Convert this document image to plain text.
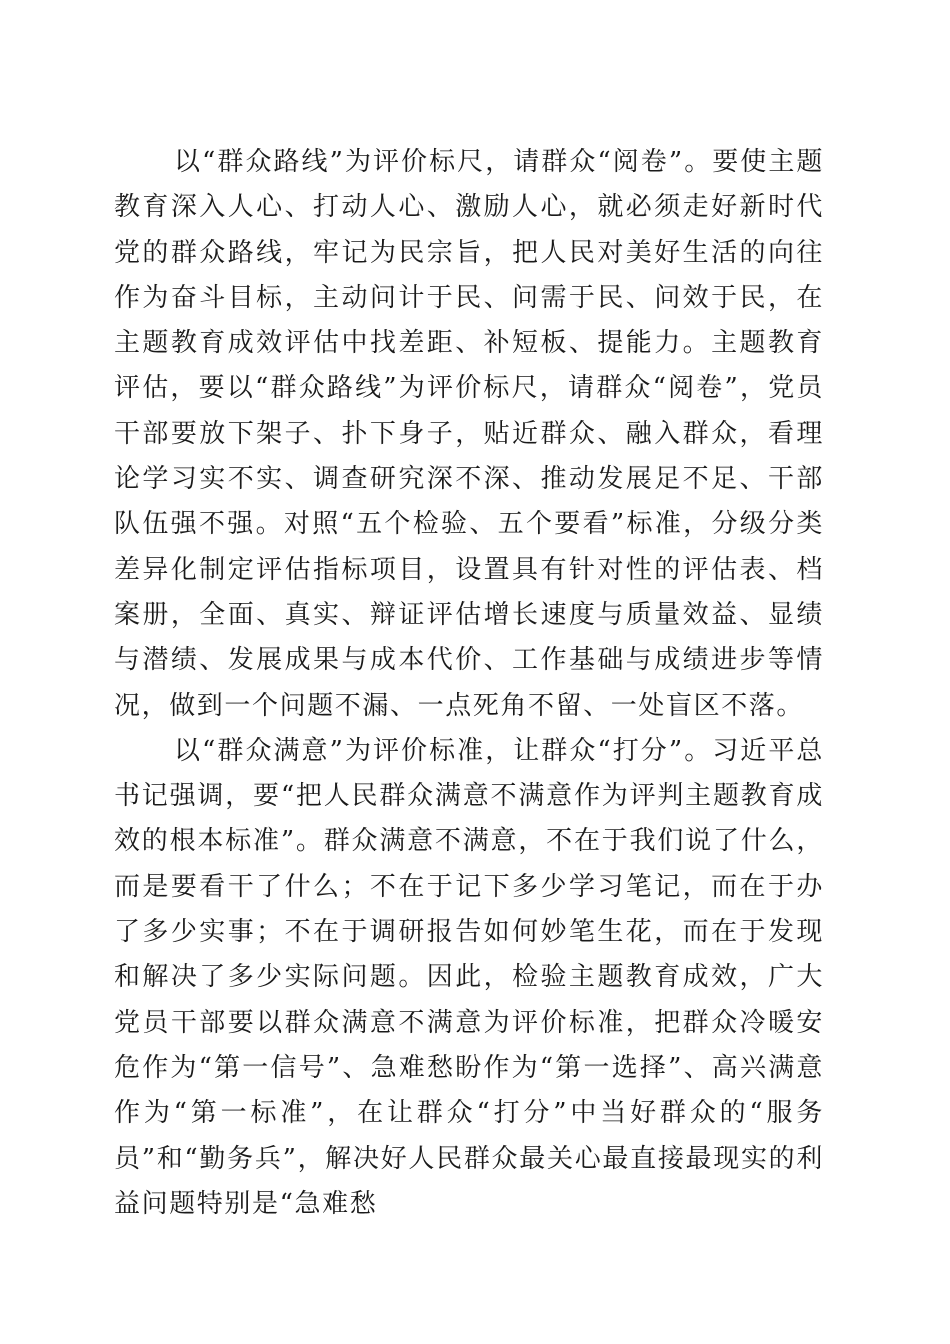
以“群众路线”为评价标尺，请群众“阅卷”。要使主题教育深入人心、打动人心、激励人心，就必须走好新时代党的群众路线，牢记为民宗旨，把人民对美好生活的向往作为奋斗目标，主动问计于民、问需于民、问效于民，在主题教育成效评估中找差距、补短板、提能力。主题教育评估，要以“群众路线”为评价标尺，请群众“阅卷”，党员干部要放下架子、扑下身子，贴近群众、融入群众，看理论学习实不实、调查研究深不深、推动发展足不足、干部队伍强不强。对照“五个检验、五个要看”标准，分级分类差异化制定评估指标项目，设置具有针对性的评估表、档案册，全面、真实、辩证评估增长速度与质量效益、显绩与潜绩、发展成果与成本代价、工作基础与成绩进步等情况，做到一个问题不漏、一点死角不留、一处盲区不落。

以“群众满意”为评价标准，让群众“打分”。习近平总书记强调，要“把人民群众满意不满意作为评判主题教育成效的根本标准”。群众满意不满意，不在于我们说了什么，而是要看干了什么；不在于记下多少学习笔记，而在于办了多少实事；不在于调研报告如何妙笔生花，而在于发现和解决了多少实际问题。因此，检验主题教育成效，广大党员干部要以群众满意不满意为评价标准，把群众冷暖安危作为“第一信号”、急难愁盼作为“第一选择”、高兴满意作为“第一标准”，在让群众“打分”中当好群众的“服务员”和“勤务兵”，解决好人民群众最关心最直接最现实的利益问题特别是“急难愁
